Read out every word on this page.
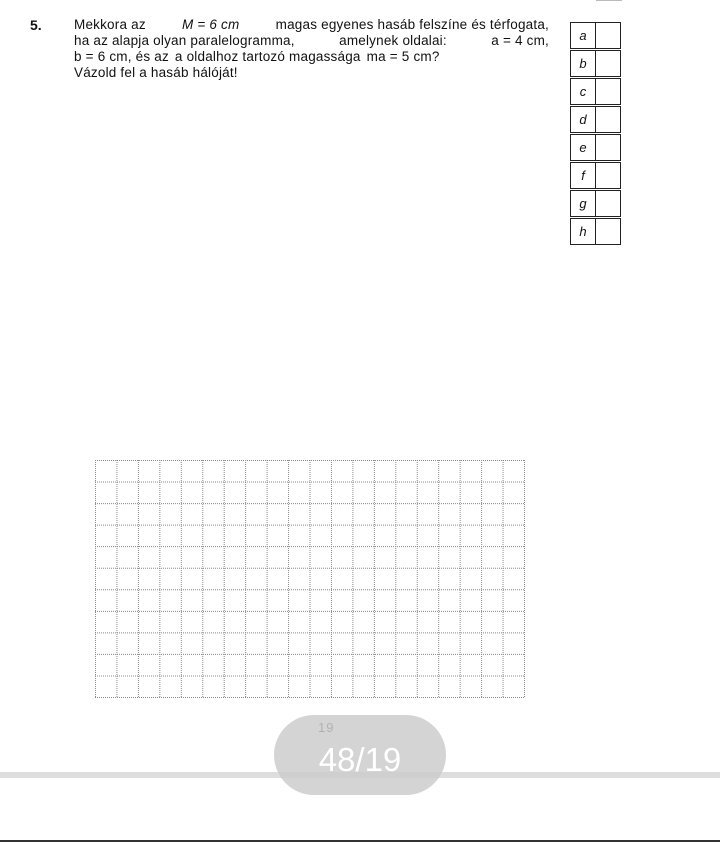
5. Mekkora az	M = 6 cm	magas egyenes hasáb felszíne és térfogata,
ha az alapja olyan paralelogramma,	amelynek oldalai:	a = 4 cm,
b = 6 cm, és az a oldalhoz tartozó magassága ma = 5 cm?
Vázold fel a hasáb hálóját!
a
b
c
d
e
f
g
h
48/19
